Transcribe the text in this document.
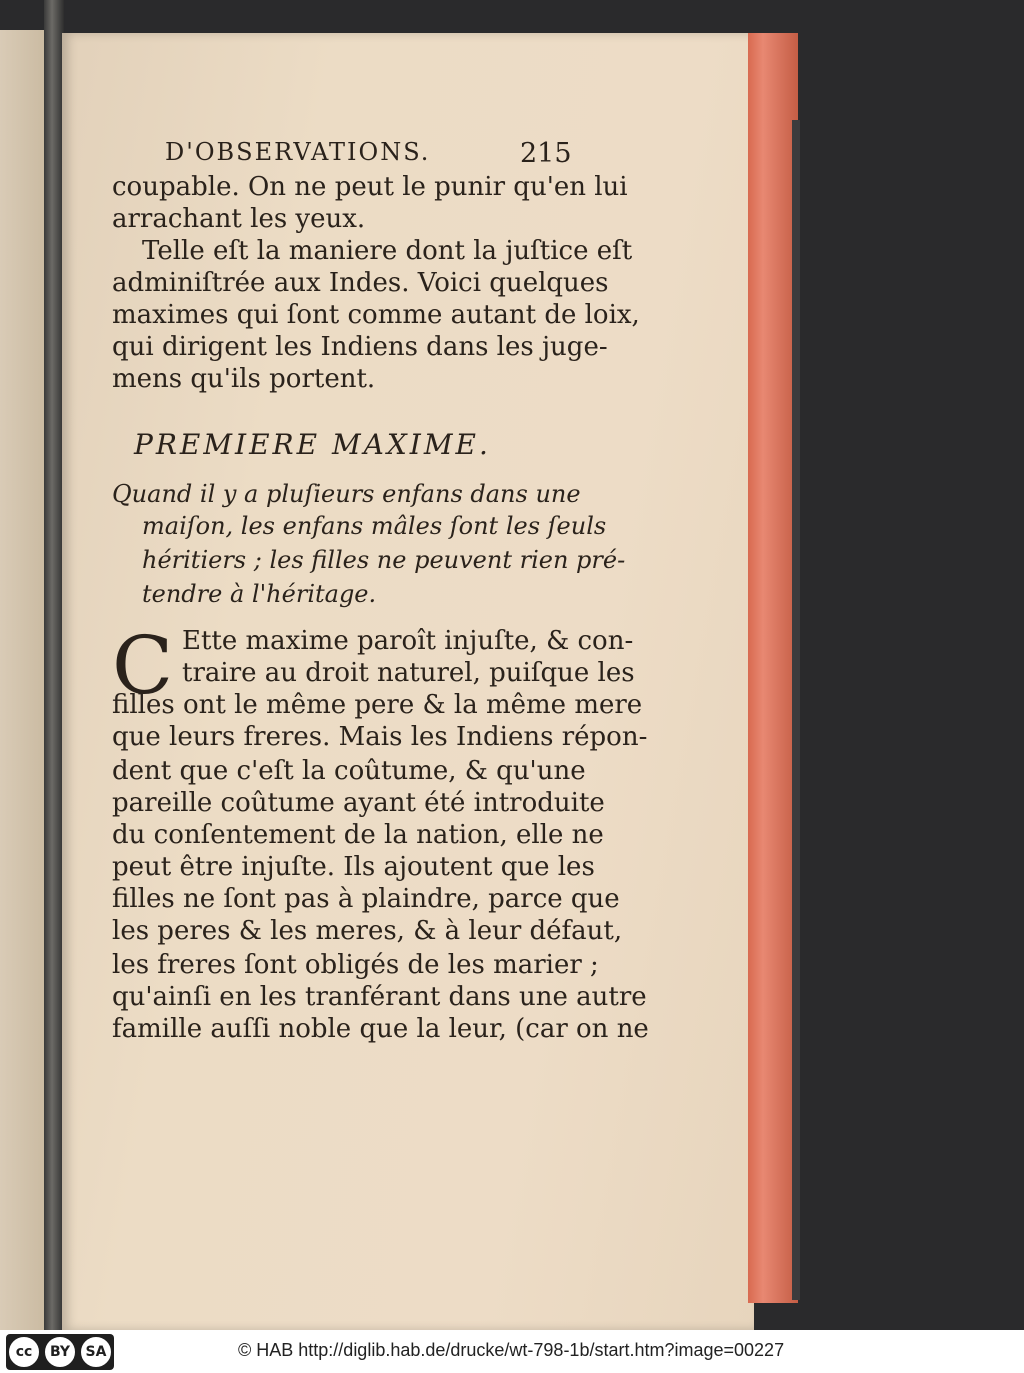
D'OBSERVATIONS.	215
coupable. On ne peut le punir qu'en lui
arrachant les yeux.
Telle eſt la maniere dont la juſtice eſt
adminiſtrée aux Indes. Voici quelques
maximes qui ſont comme autant de loix,
qui dirigent les Indiens dans les juge-
mens qu'ils portent.
PREMIERE MAXIME.
Quand il y a pluſieurs enfans dans une
maiſon, les enfans mâles ſont les ſeuls
héritiers ; les filles ne peuvent rien pré-
tendre à l'héritage.
C Ette maxime paroît injuſte, & con-
traire au droit naturel, puiſque les
filles ont le même pere & la même mere
que leurs freres. Mais les Indiens répon-
dent que c'eſt la coûtume, & qu'une
pareille coûtume ayant été introduite
du conſentement de la nation, elle ne
peut être injuſte. Ils ajoutent que les
filles ne ſont pas à plaindre, parce que
les peres & les meres, & à leur défaut,
les freres ſont obligés de les marier ;
qu'ainſi en les tranférant dans une autre
famille auſſi noble que la leur, (car on ne
cc	BY	SA	© HAB http://diglib.hab.de/drucke/wt-798-1b/start.htm?image=00227
